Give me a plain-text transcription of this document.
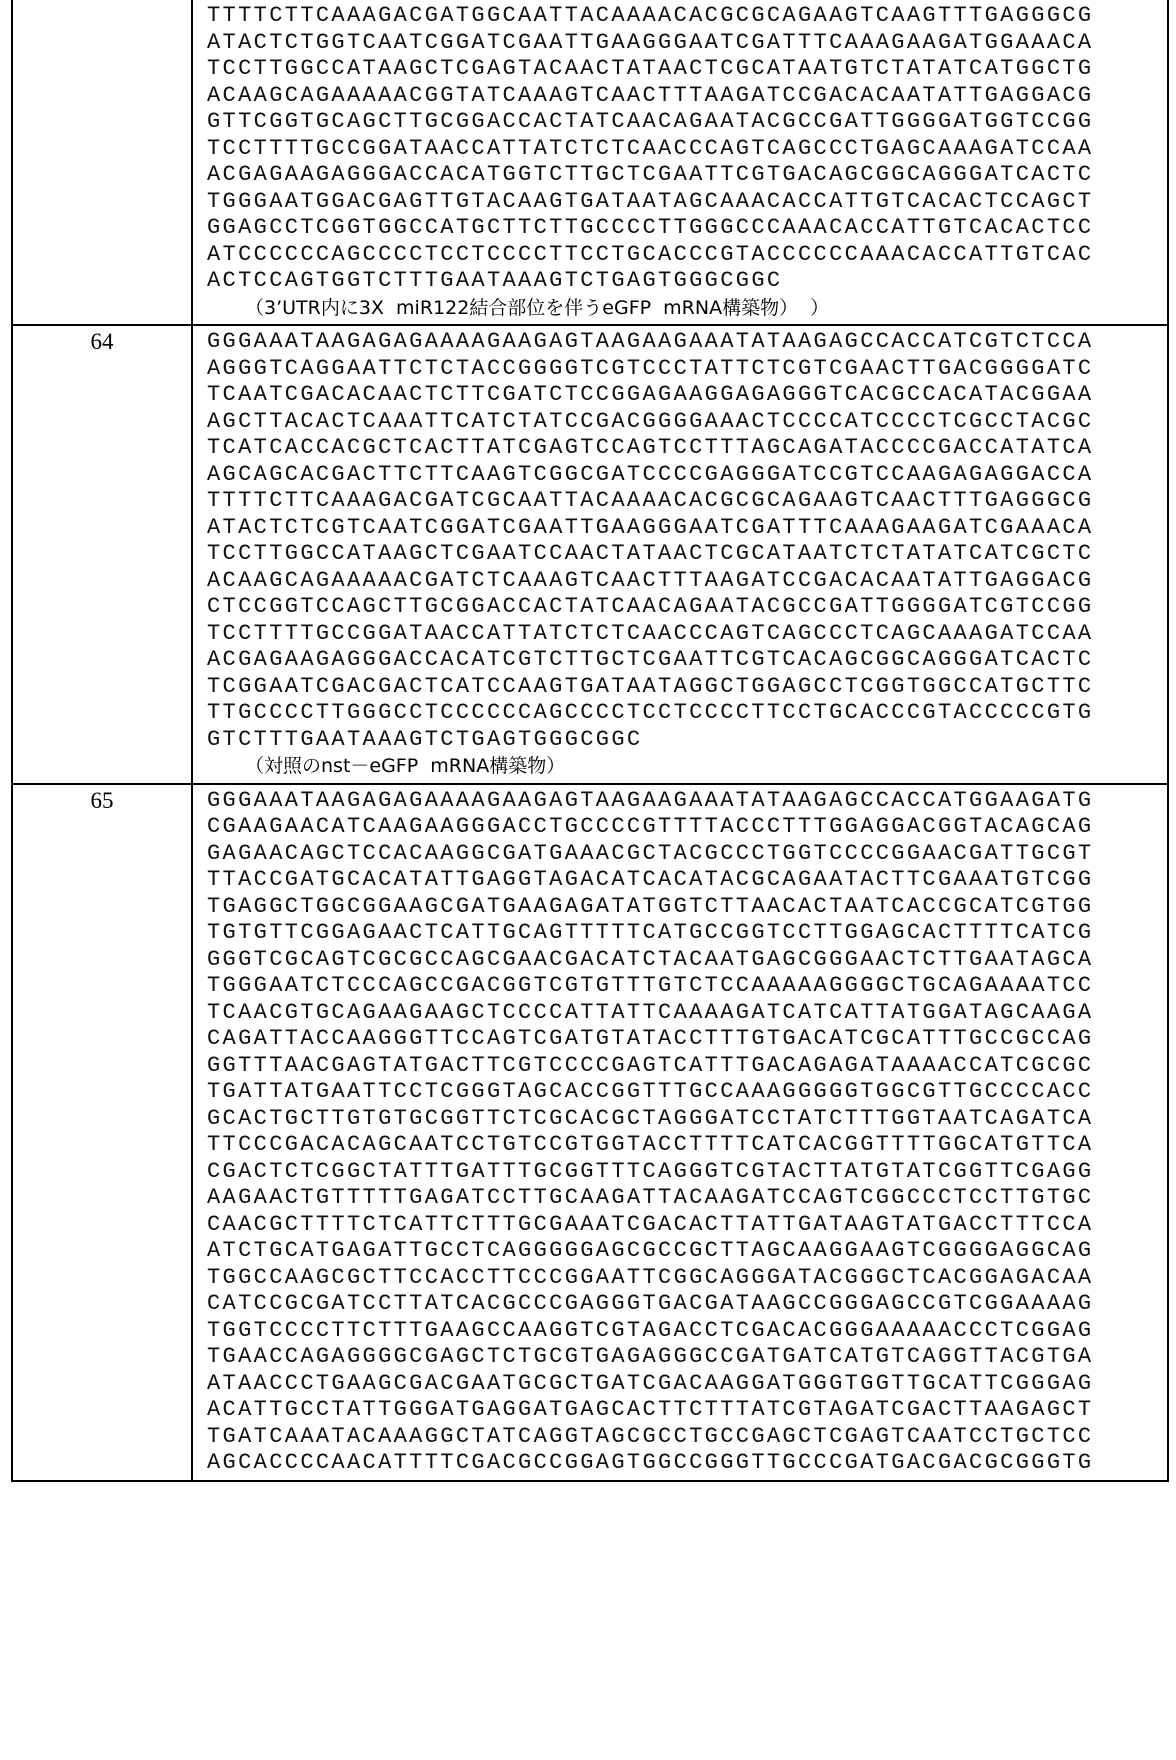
TTTTCTTCAAAGACGATGGCAATTACAAAACACGCGCAGAAGTCAAGTTTGAGGGCG
ATACTCTGGTCAATCGGATCGAATTGAAGGGAATCGATTTCAAAGAAGATGGAAACA
TCCTTGGCCATAAGCTCGAGTACAACTATAACTCGCATAATGTCTATATCATGGCTG
ACAAGCAGAAAAACGGTATCAAAGTCAACTTTAAGATCCGACACAATATTGAGGACG
GTTCGGTGCAGCTTGCGGACCACTATCAACAGAATACGCCGATTGGGGATGGTCCGG
TCCTTTTGCCGGATAACCATTATCTCTCAACCCAGTCAGCCCTGAGCAAAGATCCAA
ACGAGAAGAGGGACCACATGGTCTTGCTCGAATTCGTGACAGCGGCAGGGATCACTC
TGGGAATGGACGAGTTGTACAAGTGATAATAGCAAACACCATTGTCACACTCCAGCT
GGAGCCTCGGTGGCCATGCTTCTTGCCCCTTGGGCCCAAACACCATTGTCACACTCC
ATCCCCCCAGCCCCTCCTCCCCTTCCTGCACCCGTACCCCCCAAACACCATTGTCAC
ACTCCAGTGGTCTTTGAATAAAGTCTGAGTGGGCGGC
（3’UTR内に3X  miR122結合部位を伴うeGFP  mRNA構築物）  ）

64	GGGAAATAAGAGAGAAAAGAAGAGTAAGAAGAAATATAAGAGCCACCATCGTCTCCA
AGGGTCAGGAATTCTCTACCGGGGTCGTCCCTATTCTCGTCGAACTTGACGGGGATC
TCAATCGACACAACTCTTCGATCTCCGGAGAAGGAGAGGGTCACGCCACATACGGAA
AGCTTACACTCAAATTCATCTATCCGACGGGGAAACTCCCCATCCCCTCGCCTACGC
TCATCACCACGCTCACTTATCGAGTCCAGTCCTTTAGCAGATACCCCGACCATATCA
AGCAGCACGACTTCTTCAAGTCGGCGATCCCCGAGGGATCCGTCCAAGAGAGGACCA
TTTTCTTCAAAGACGATCGCAATTACAAAACACGCGCAGAAGTCAACTTTGAGGGCG
ATACTCTCGTCAATCGGATCGAATTGAAGGGAATCGATTTCAAAGAAGATCGAAACA
TCCTTGGCCATAAGCTCGAATCCAACTATAACTCGCATAATCTCTATATCATCGCTC
ACAAGCAGAAAAACGATCTCAAAGTCAACTTTAAGATCCGACACAATATTGAGGACG
CTCCGGTCCAGCTTGCGGACCACTATCAACAGAATACGCCGATTGGGGATCGTCCGG
TCCTTTTGCCGGATAACCATTATCTCTCAACCCAGTCAGCCCTCAGCAAAGATCCAA
ACGAGAAGAGGGACCACATCGTCTTGCTCGAATTCGTCACAGCGGCAGGGATCACTC
TCGGAATCGACGACTCATCCAAGTGATAATAGGCTGGAGCCTCGGTGGCCATGCTTC
TTGCCCCTTGGGCCTCCCCCCAGCCCCTCCTCCCCTTCCTGCACCCGTACCCCCGTG
GTCTTTGAATAAAGTCTGAGTGGGCGGC
（対照のnst－eGFP  mRNA構築物）

65	GGGAAATAAGAGAGAAAAGAAGAGTAAGAAGAAATATAAGAGCCACCATGGAAGATG
CGAAGAACATCAAGAAGGGACCTGCCCCGTTTTACCCTTTGGAGGACGGTACAGCAG
GAGAACAGCTCCACAAGGCGATGAAACGCTACGCCCTGGTCCCCGGAACGATTGCGT
TTACCGATGCACATATTGAGGTAGACATCACATACGCAGAATACTTCGAAATGTCGG
TGAGGCTGGCGGAAGCGATGAAGAGATATGGTCTTAACACTAATCACCGCATCGTGG
TGTGTTCGGAGAACTCATTGCAGTTTTTCATGCCGGTCCTTGGAGCACTTTTCATCG
GGGTCGCAGTCGCGCCAGCGAACGACATCTACAATGAGCGGGAACTCTTGAATAGCA
TGGGAATCTCCCAGCCGACGGTCGTGTTTGTCTCCAAAAAGGGGCTGCAGAAAATCC
TCAACGTGCAGAAGAAGCTCCCCATTATTCAAAAGATCATCATTATGGATAGCAAGA
CAGATTACCAAGGGTTCCAGTCGATGTATACCTTTGTGACATCGCATTTGCCGCCAG
GGTTTAACGAGTATGACTTCGTCCCCGAGTCATTTGACAGAGATAAAACCATCGCGC
TGATTATGAATTCCTCGGGTAGCACCGGTTTGCCAAAGGGGGTGGCGTTGCCCCACC
GCACTGCTTGTGTGCGGTTCTCGCACGCTAGGGATCCTATCTTTGGTAATCAGATCA
TTCCCGACACAGCAATCCTGTCCGTGGTACCTTTTCATCACGGTTTTGGCATGTTCA
CGACTCTCGGCTATTTGATTTGCGGTTTCAGGGTCGTACTTATGTATCGGTTCGAGG
AAGAACTGTTTTTGAGATCCTTGCAAGATTACAAGATCCAGTCGGCCCTCCTTGTGC
CAACGCTTTTCTCATTCTTTGCGAAATCGACACTTATTGATAAGTATGACCTTTCCA
ATCTGCATGAGATTGCCTCAGGGGGAGCGCCGCTTAGCAAGGAAGTCGGGGAGGCAG
TGGCCAAGCGCTTCCACCTTCCCGGAATTCGGCAGGGATACGGGCTCACGGAGACAA
CATCCGCGATCCTTATCACGCCCGAGGGTGACGATAAGCCGGGAGCCGTCGGAAAAG
TGGTCCCCTTCTTTGAAGCCAAGGTCGTAGACCTCGACACGGGAAAAACCCTCGGAG
TGAACCAGAGGGGCGAGCTCTGCGTGAGAGGGCCGATGATCATGTCAGGTTACGTGA
ATAACCCTGAAGCGACGAATGCGCTGATCGACAAGGATGGGTGGTTGCATTCGGGAG
ACATTGCCTATTGGGATGAGGATGAGCACTTCTTTATCGTAGATCGACTTAAGAGCT
TGATCAAATACAAAGGCTATCAGGTAGCGCCTGCCGAGCTCGAGTCAATCCTGCTCC
AGCACCCCAACATTTTCGACGCCGGAGTGGCCGGGTTGCCCGATGACGACGCGGGTG
